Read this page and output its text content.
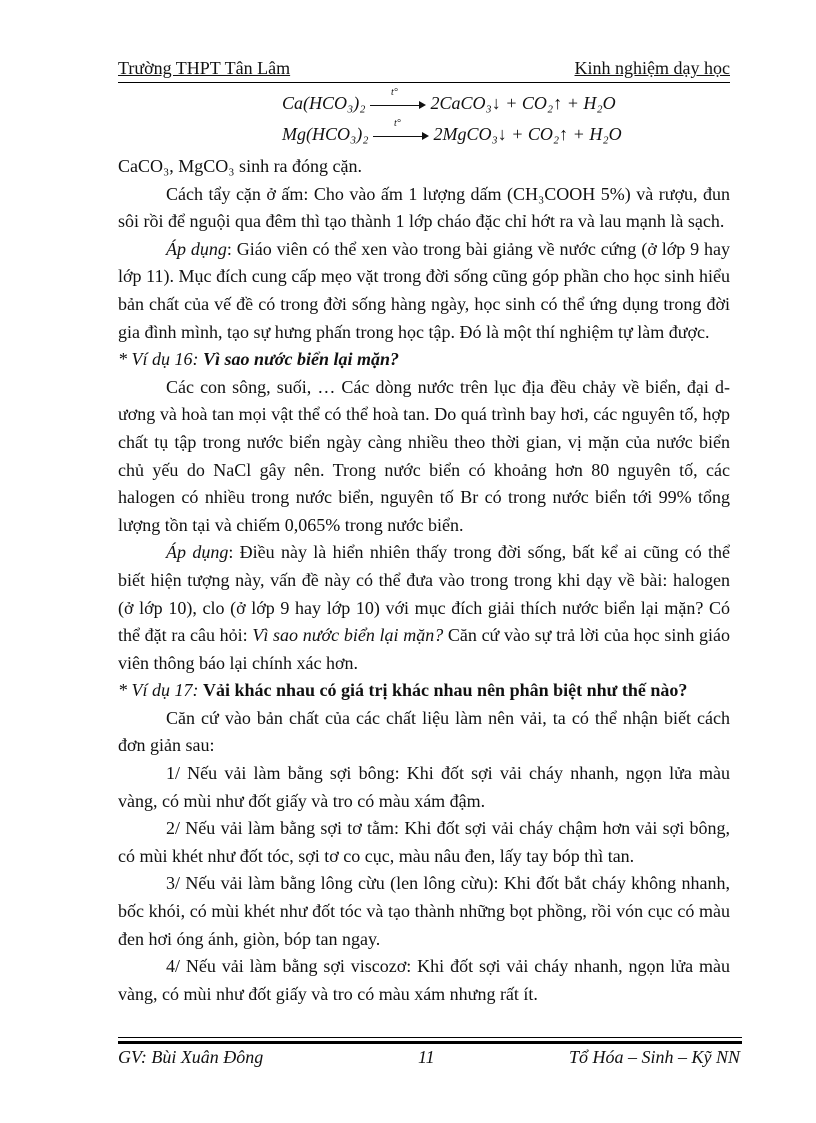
Trường THPT Tân Lâm	Kinh nghiệm dạy học
Ca(HCO₃)₂
t°
2CaCO₃↓ + CO₂↑ + H₂O
Mg(HCO₃)₂
t°
2MgCO₃↓ + CO₂↑ + H₂O

CaCO₃, MgCO₃ sinh ra đóng cặn.

Cách tẩy cặn ở ấm: Cho vào ấm 1 lượng dấm (CH₃COOH 5%) và rượu, đun sôi rồi để nguội qua đêm thì tạo thành 1 lớp cháo đặc chỉ hớt ra và lau mạnh là sạch.

Áp dụng: Giáo viên có thể xen vào trong bài giảng về nước cứng (ở lớp 9 hay lớp 11). Mục đích cung cấp mẹo vặt trong đời sống cũng góp phần cho học sinh hiểu bản chất của vế đề có trong đời sống hàng ngày, học sinh có thể ứng dụng trong đời gia đình mình, tạo sự hưng phấn trong học tập. Đó là một thí nghiệm tự làm được.

* Ví dụ 16: Vì sao nước biển lại mặn?

Các con sông, suối, … Các dòng nước trên lục địa đều chảy về biển, đại d-ương và hoà tan mọi vật thể có thể hoà tan. Do quá trình bay hơi, các nguyên tố, hợp chất tụ tập trong nước biển ngày càng nhiều theo thời gian, vị mặn của nước biển chủ yếu do NaCl gây nên. Trong nước biển có khoảng hơn 80 nguyên tố, các halogen có nhiều trong nước biển, nguyên tố Br có trong nước biển tới 99% tổng lượng tồn tại và chiếm 0,065% trong nước biển.

Áp dụng: Điều này là hiển nhiên thấy trong đời sống, bất kể ai cũng có thể biết hiện tượng này, vấn đề này có thể đưa vào trong trong khi dạy về bài: halogen (ở lớp 10), clo (ở lớp 9 hay lớp 10) với mục đích giải thích nước biển lại mặn? Có thể đặt ra câu hỏi: Vì sao nước biển lại mặn? Căn cứ vào sự trả lời của học sinh giáo viên thông báo lại chính xác hơn.

* Ví dụ 17: Vải khác nhau có giá trị khác nhau nên phân biệt như thế nào?

Căn cứ vào bản chất của các chất liệu làm nên vải, ta có thể nhận biết cách đơn giản sau:

1/ Nếu vải làm bằng sợi bông: Khi đốt sợi vải cháy nhanh, ngọn lửa màu vàng, có mùi như đốt giấy và tro có màu xám đậm.

2/ Nếu vải làm bằng sợi tơ tằm: Khi đốt sợi vải cháy chậm hơn vải sợi bông, có mùi khét như đốt tóc, sợi tơ co cục, màu nâu đen, lấy tay bóp thì tan.

3/ Nếu vải làm bằng lông cừu (len lông cừu): Khi đốt bắt cháy không nhanh, bốc khói, có mùi khét như đốt tóc và tạo thành những bọt phồng, rồi vón cục có màu đen hơi óng ánh, giòn, bóp tan ngay.

4/ Nếu vải làm bằng sợi viscozơ: Khi đốt sợi vải cháy nhanh, ngọn lửa màu vàng, có mùi như đốt giấy và tro có màu xám nhưng rất ít.

GV: Bùi Xuân Đông	11	Tổ Hóa – Sinh – Kỹ NN
